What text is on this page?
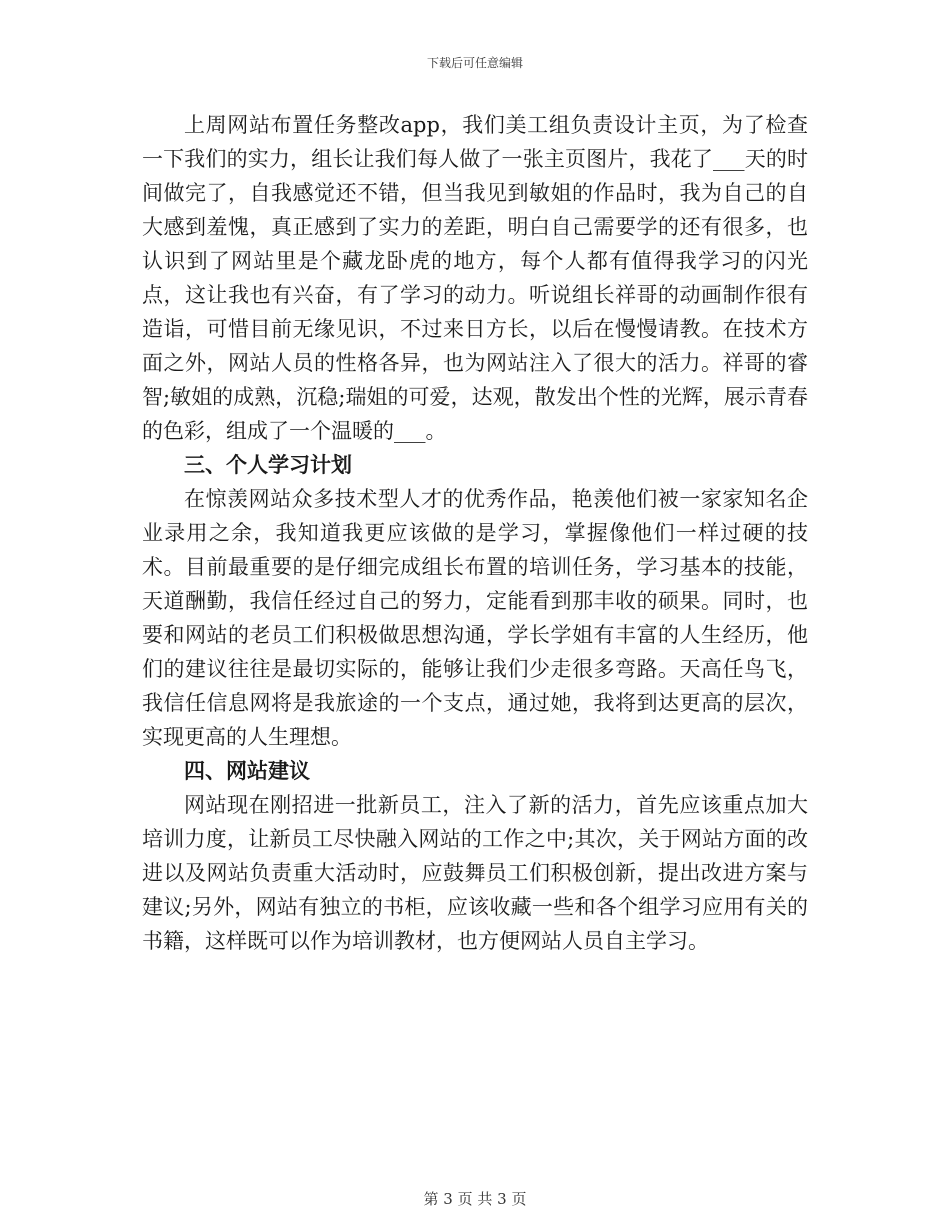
下载后可任意编辑

上周网站布置任务整改app，我们美工组负责设计主页，为了检查一下我们的实力，组长让我们每人做了一张主页图片，我花了___天的时间做完了，自我感觉还不错，但当我见到敏姐的作品时，我为自己的自大感到羞愧，真正感到了实力的差距，明白自己需要学的还有很多，也认识到了网站里是个藏龙卧虎的地方，每个人都有值得我学习的闪光点，这让我也有兴奋，有了学习的动力。听说组长祥哥的动画制作很有造诣，可惜目前无缘见识，不过来日方长，以后在慢慢请教。在技术方面之外，网站人员的性格各异，也为网站注入了很大的活力。祥哥的睿智;敏姐的成熟，沉稳;瑞姐的可爱，达观，散发出个性的光辉，展示青春的色彩，组成了一个温暖的___。

三、个人学习计划

在惊羡网站众多技术型人才的优秀作品，艳羡他们被一家家知名企业录用之余，我知道我更应该做的是学习，掌握像他们一样过硬的技术。目前最重要的是仔细完成组长布置的培训任务，学习基本的技能，天道酬勤，我信任经过自己的努力，定能看到那丰收的硕果。同时，也要和网站的老员工们积极做思想沟通，学长学姐有丰富的人生经历，他们的建议往往是最切实际的，能够让我们少走很多弯路。天高任鸟飞，我信任信息网将是我旅途的一个支点，通过她，我将到达更高的层次，实现更高的人生理想。

四、网站建议

网站现在刚招进一批新员工，注入了新的活力，首先应该重点加大培训力度，让新员工尽快融入网站的工作之中;其次，关于网站方面的改进以及网站负责重大活动时，应鼓舞员工们积极创新，提出改进方案与建议;另外，网站有独立的书柜，应该收藏一些和各个组学习应用有关的书籍，这样既可以作为培训教材，也方便网站人员自主学习。

第 3 页 共 3 页
